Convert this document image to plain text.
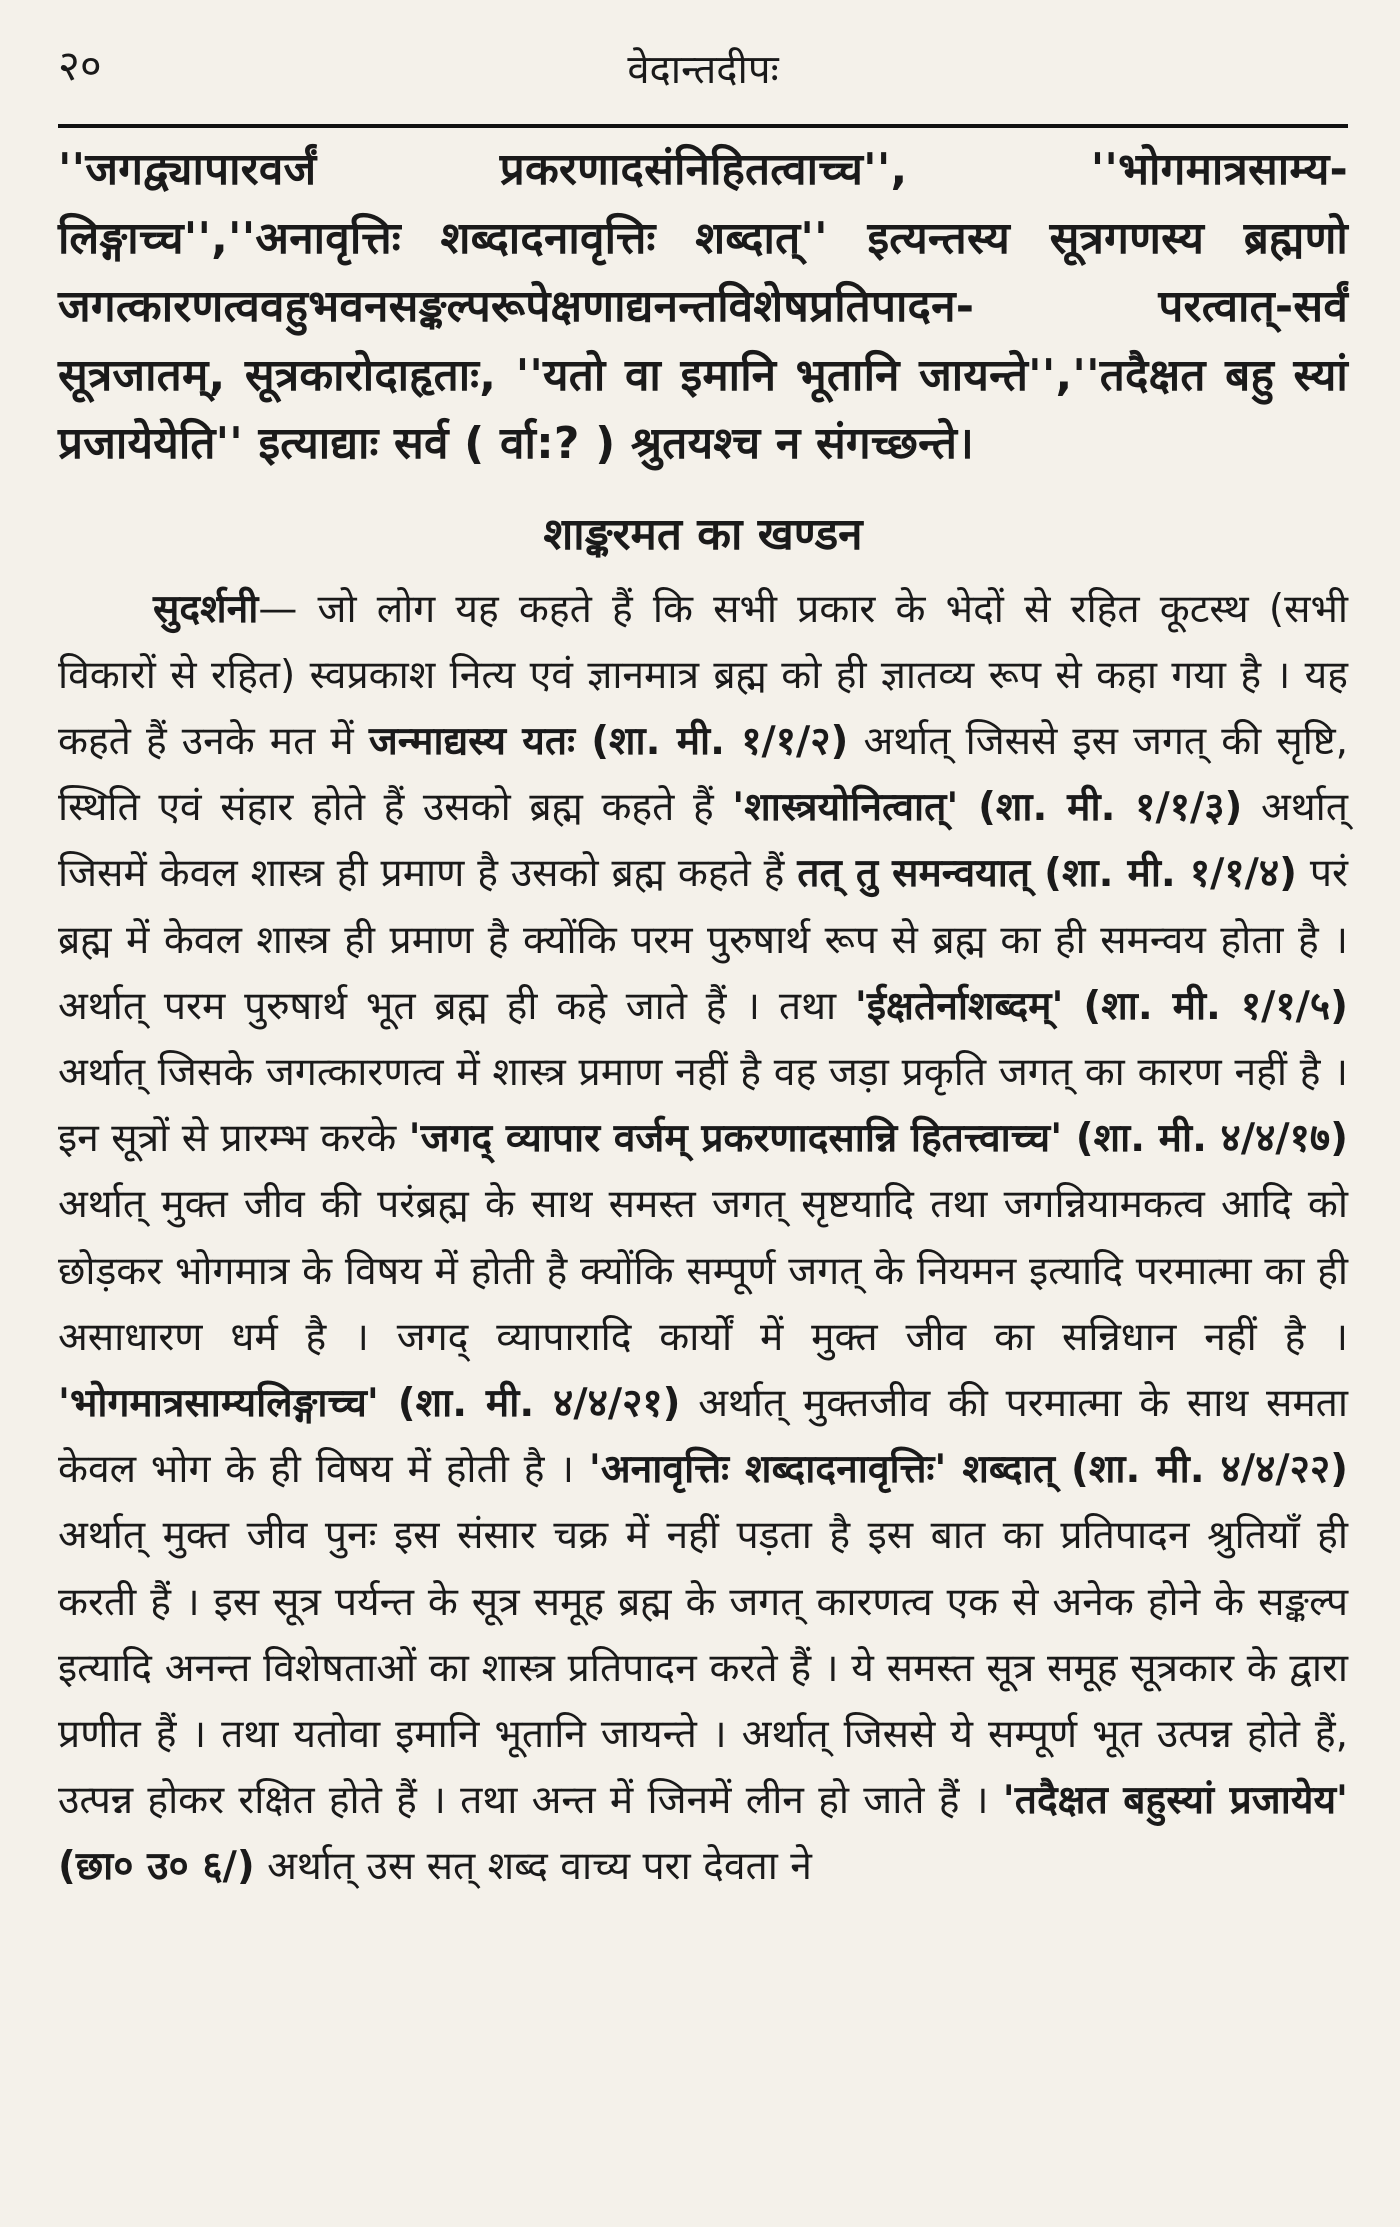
२०	वेदान्तदीपः

''जगद्व्यापारवर्जं प्रकरणादसंनिहितत्वाच्च'', ''भोगमात्रसाम्य- लिङ्गाच्च'',''अनावृत्तिः शब्दादनावृत्तिः शब्दात्'' इत्यन्तस्य सूत्रगणस्य ब्रह्मणो जगत्कारणत्ववहुभवनसङ्कल्परूपेक्षणाद्यनन्तविशेषप्रतिपादन- परत्वात्-सर्वं सूत्रजातम्, सूत्रकारोदाहृताः, ''यतो वा इमानि भूतानि जायन्ते'',''तदैक्षत बहु स्यां प्रजायेयेति'' इत्याद्याः सर्व ( र्वा:? ) श्रुतयश्च न संगच्छन्ते।

शाङ्करमत का खण्डन

सुदर्शनी— जो लोग यह कहते हैं कि सभी प्रकार के भेदों से रहित कूटस्थ (सभी विकारों से रहित) स्वप्रकाश नित्य एवं ज्ञानमात्र ब्रह्म को ही ज्ञातव्य रूप से कहा गया है । यह कहते हैं उनके मत में जन्माद्यस्य यतः (शा. मी. १/१/२) अर्थात् जिससे इस जगत् की सृष्टि, स्थिति एवं संहार होते हैं उसको ब्रह्म कहते हैं 'शास्त्रयोनित्वात्' (शा. मी. १/१/३) अर्थात् जिसमें केवल शास्त्र ही प्रमाण है उसको ब्रह्म कहते हैं तत् तु समन्वयात् (शा. मी. १/१/४) परं ब्रह्म में केवल शास्त्र ही प्रमाण है क्योंकि परम पुरुषार्थ रूप से ब्रह्म का ही समन्वय होता है । अर्थात् परम पुरुषार्थ भूत ब्रह्म ही कहे जाते हैं । तथा 'ईक्षतेर्नाशब्दम्' (शा. मी. १/१/५) अर्थात् जिसके जगत्कारणत्व में शास्त्र प्रमाण नहीं है वह जड़ा प्रकृति जगत् का कारण नहीं है । इन सूत्रों से प्रारम्भ करके 'जगद् व्यापार वर्जम् प्रकरणादसान्नि हितत्त्वाच्च' (शा. मी. ४/४/१७) अर्थात् मुक्त जीव की परंब्रह्म के साथ समस्त जगत् सृष्टयादि तथा जगन्नियामकत्व आदि को छोड़कर भोगमात्र के विषय में होती है क्योंकि सम्पूर्ण जगत् के नियमन इत्यादि परमात्मा का ही असाधारण धर्म है । जगद् व्यापारादि कार्यों में मुक्त जीव का सन्निधान नहीं है । 'भोगमात्रसाम्यलिङ्गाच्च' (शा. मी. ४/४/२१) अर्थात् मुक्तजीव की परमात्मा के साथ समता केवल भोग के ही विषय में होती है । 'अनावृत्तिः शब्दादनावृत्तिः' शब्दात् (शा. मी. ४/४/२२) अर्थात् मुक्त जीव पुनः इस संसार चक्र में नहीं पड़ता है इस बात का प्रतिपादन श्रुतियाँ ही करती हैं । इस सूत्र पर्यन्त के सूत्र समूह ब्रह्म के जगत् कारणत्व एक से अनेक होने के सङ्कल्प इत्यादि अनन्त विशेषताओं का शास्त्र प्रतिपादन करते हैं । ये समस्त सूत्र समूह सूत्रकार के द्वारा प्रणीत हैं । तथा यतोवा इमानि भूतानि जायन्ते । अर्थात् जिससे ये सम्पूर्ण भूत उत्पन्न होते हैं, उत्पन्न होकर रक्षित होते हैं । तथा अन्त में जिनमें लीन हो जाते हैं । 'तदैक्षत बहुस्यां प्रजायेय' (छा० उ० ६/) अर्थात् उस सत् शब्द वाच्य परा देवता ने
